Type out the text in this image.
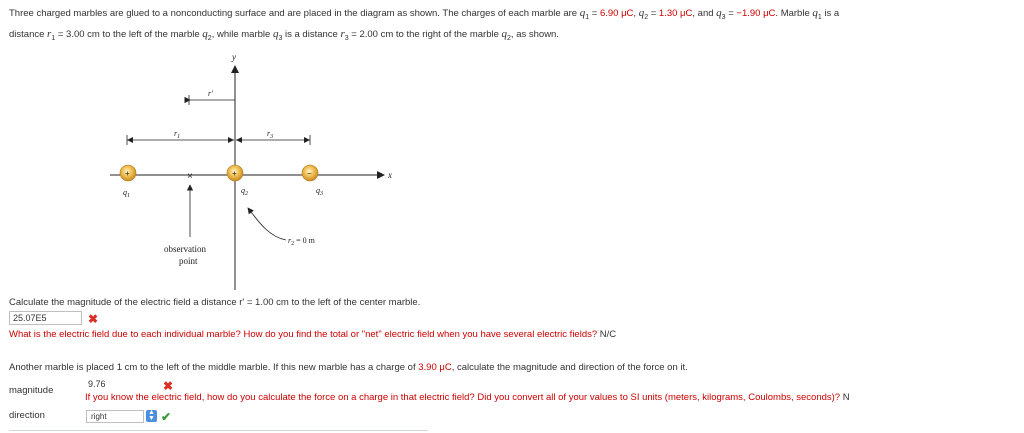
Three charged marbles are glued to a nonconducting surface and are placed in the diagram as shown. The charges of each marble are $q_1 = 6.90$ μC, $q_2 = 1.30$ μC, and $q_3 = -1.90$ μC. Marble $q_1$ is a
distance $r_1 = 3.00$ cm to the left of the marble $q_2$, while marble $q_3$ is a distance $r_3 = 2.00$ cm to the right of the marble $q_2$, as shown.
y
x
r'
$r_1$	$r_3$
×
observation point
+
$q_1$
+
$q_2$
−
$q_3$
$r_2 = 0$ m
Calculate the magnitude of the electric field a distance r' = 1.00 cm to the left of the center marble.
25.07E5	✖
What is the electric field due to each individual marble? How do you find the total or "net" electric field when you have several electric fields? N/C
Another marble is placed 1 cm to the left of the middle marble. If this new marble has a charge of 3.90 μC, calculate the magnitude and direction of the force on it.
magnitude
9.76	✖
If you know the electric field, how do you calculate the force on a charge in that electric field? Did you convert all of your values to SI units (meters, kilograms, Coulombs, seconds)? N
direction	right	▲
▼ ✔
